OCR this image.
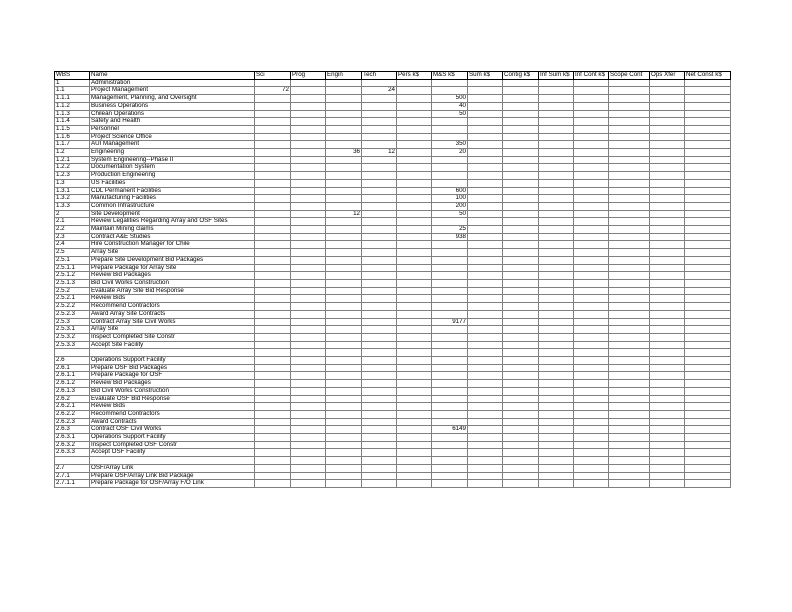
WBS	Name	Sci	Prog	Engin	Tech	Pers k$	M&S k$	Sum k$	Contig k$	Inf Sum k$	Inf Cont k$	Scope Cont	Ops Xfer	Net Const k$
1	Administration													
1.1	Project Management	72			24									
1.1.1	Management, Planning, and Oversight						500							
1.1.2	Business Operations						40							
1.1.3	Chilean Operations						50							
1.1.4	Safety and Health													
1.1.5	Personnel													
1.1.6	Project Science Office													
1.1.7	AUI Management						350							
1.2	Engineering			36	12		20							
1.2.1	System Engineering--Phase II													
1.2.2	Documentation System													
1.2.3	Production Engineering													
1.3	US Facilities													
1.3.1	CDL Permanent Facilities						600							
1.3.2	Manufacturing Facilities						100							
1.3.3	Common Infrastructure						200							
2	Site Development			12			50							
2.1	Review Legalities Regarding Array and OSF Sites													
2.2	Maintain Mining claims						25							
2.3	Contract A&E Studies						938							
2.4	Hire Construction Manager for Chile													
2.5	Array Site													
2.5.1	Prepare Site Development Bid Packages													
2.5.1.1	Prepare Package for Array Site													
2.5.1.2	Review Bid Packages													
2.5.1.3	Bid Civil Works Construction													
2.5.2	Evaluate Array Site Bid Response													
2.5.2.1	Review Bids													
2.5.2.2	Recommend Contractors													
2.5.2.3	Award Array Site Contracts													
2.5.3	Contract Array Site Civil Works						9177							
2.5.3.1	Array Site													
2.5.3.2	Inspect Completed Site Constr													
2.5.3.3	Accept Site Facility													

2.6	Operations Support Facility													
2.6.1	Prepare OSF Bid Packages													
2.6.1.1	Prepare Package for OSF													
2.6.1.2	Review Bid Packages													
2.6.1.3	Bid Civil Works Construction													
2.6.2	Evaluate OSF Bid Response													
2.6.2.1	Review Bids													
2.6.2.2	Recommend Contractors													
2.6.2.3	Award Contracts													
2.6.3	Contract OSF Civil Works						6149							
2.6.3.1	Operations Support Facility													
2.6.3.2	Inspect Completed OSF Constr													
2.6.3.3	Accept OSF Facility													

2.7	OSF/Array Link													
2.7.1	Prepare OSF/Array Link Bid Package													
2.7.1.1	Prepare Package for OSF/Array F/O Link													
